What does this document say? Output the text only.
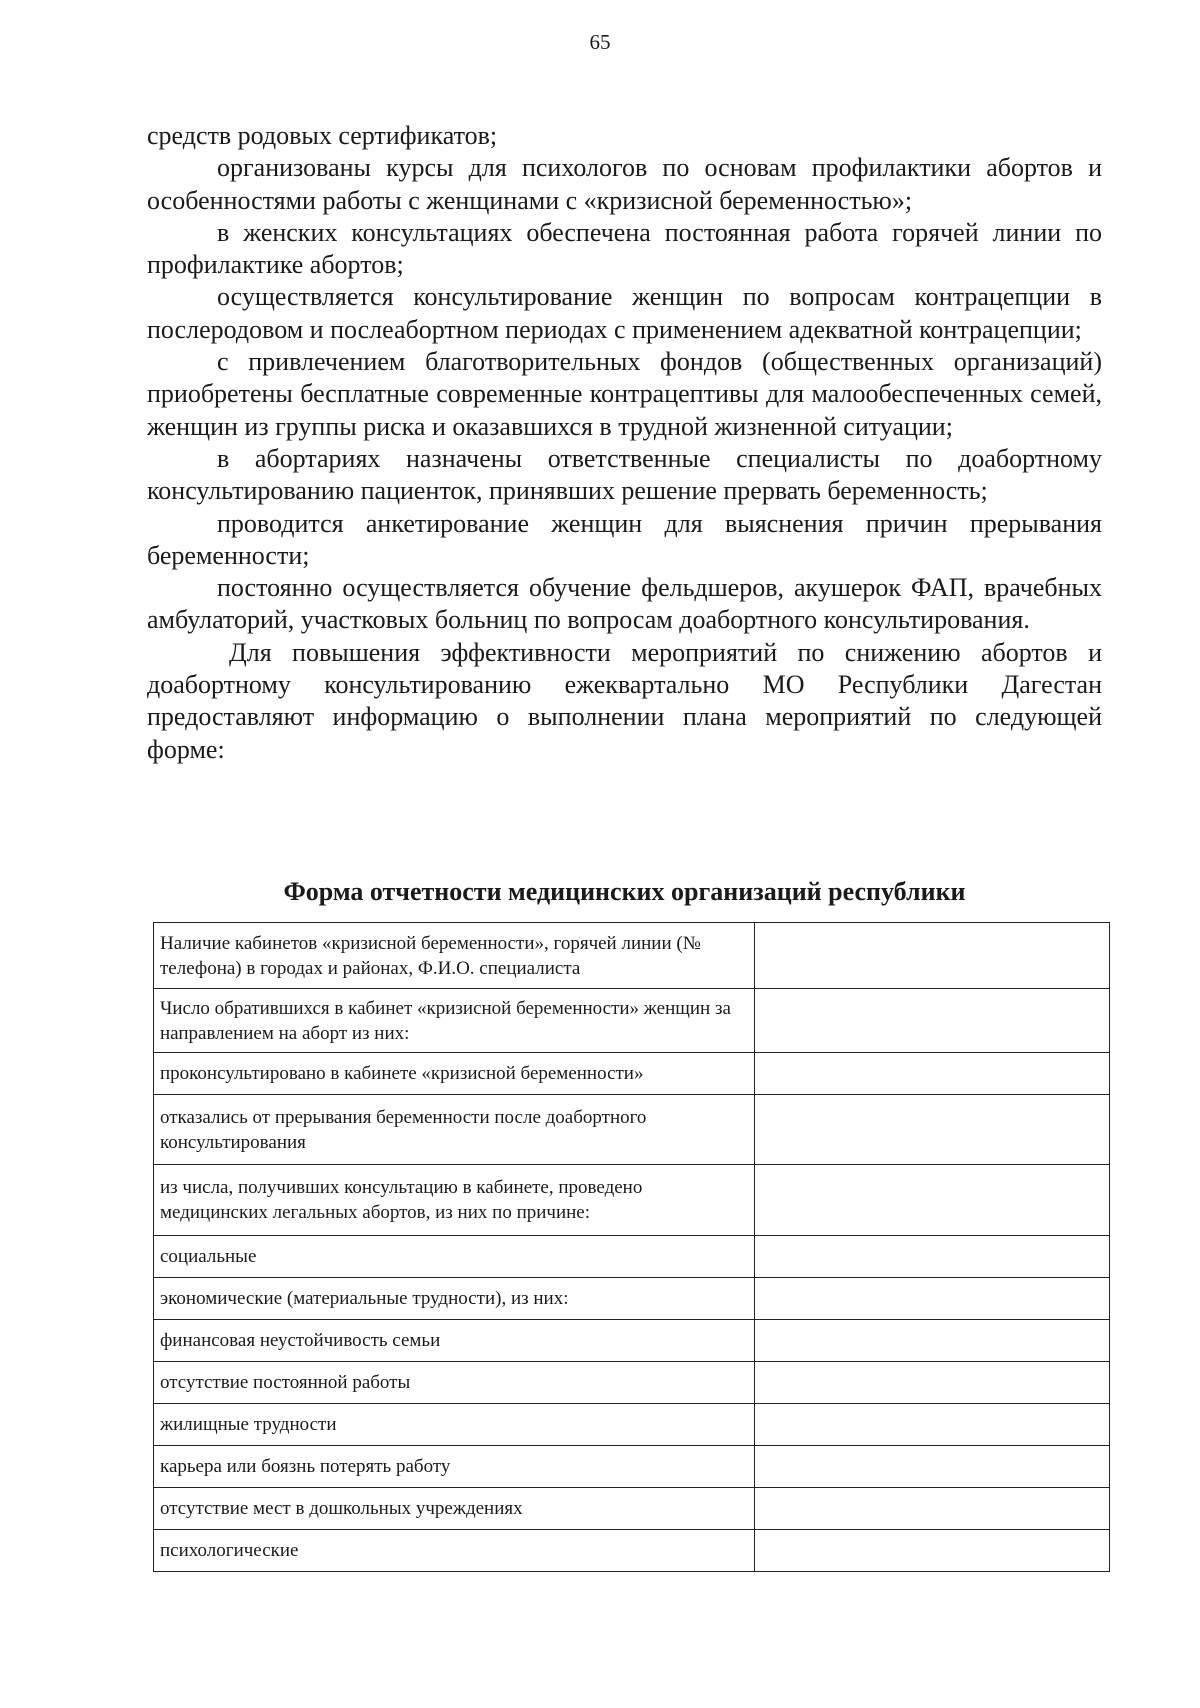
65

средств родовых сертификатов;

организованы курсы для психологов по основам профилактики абортов и особенностями работы с женщинами с «кризисной беременностью»;

в женских консультациях обеспечена постоянная работа горячей линии по профилактике абортов;

осуществляется консультирование женщин по вопросам контрацепции в послеродовом и послеабортном периодах с применением адекватной контрацепции;

с привлечением благотворительных фондов (общественных организаций) приобретены бесплатные современные контрацептивы для малообеспеченных семей, женщин из группы риска и оказавшихся в трудной жизненной ситуации;

в абортариях назначены ответственные специалисты по доабортному консультированию пациенток, принявших решение прервать беременность;

проводится анкетирование женщин для выяснения причин прерывания беременности;

постоянно осуществляется обучение фельдшеров, акушерок ФАП, врачебных амбулаторий, участковых больниц по вопросам доабортного консультирования.

Для повышения эффективности мероприятий по снижению абортов и доабортному консультированию ежеквартально МО Республики Дагестан предоставляют информацию о выполнении плана мероприятий по следующей форме:

Форма отчетности медицинских организаций республики
Наличие кабинетов «кризисной беременности», горячей линии (№ телефона) в городах и районах, Ф.И.О. специалиста	
Число обратившихся в кабинет «кризисной беременности» женщин за направлением на аборт из них:	
проконсультировано в кабинете «кризисной беременности»	
отказались от прерывания беременности после доабортного консультирования	
из числа, получивших консультацию в кабинете, проведено медицинских легальных абортов, из них по причине:	
социальные	
экономические (материальные трудности), из них:	
финансовая неустойчивость семьи	
отсутствие постоянной работы	
жилищные трудности	
карьера или боязнь потерять работу	
отсутствие мест в дошкольных учреждениях	
психологические	
